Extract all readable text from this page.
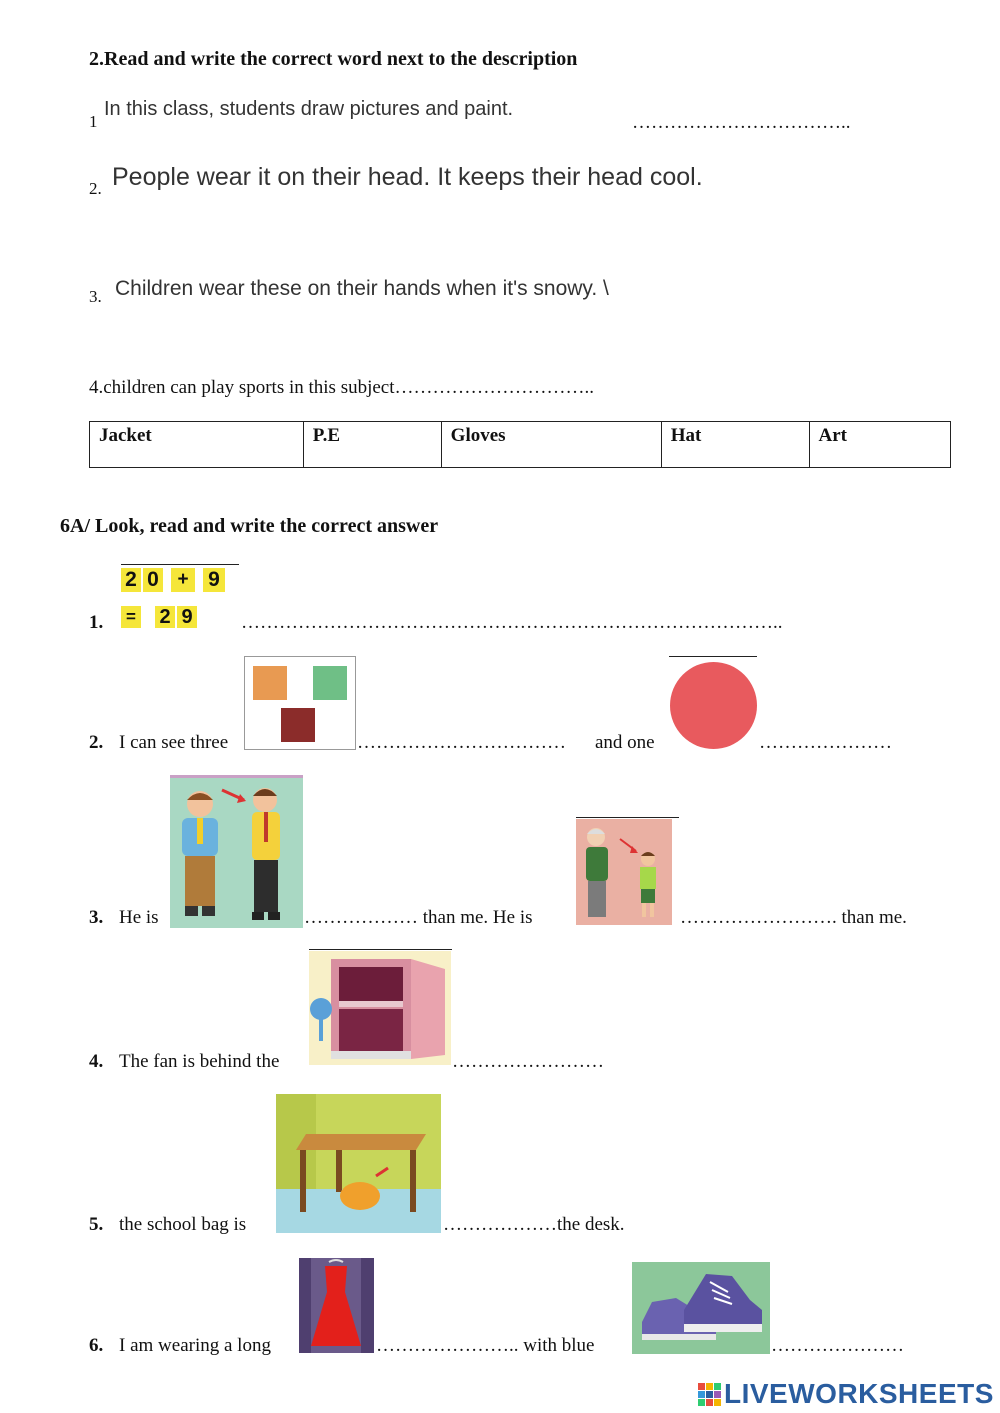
2.Read and write the correct word next to the description
1
In this class, students draw pictures and paint.
……………………………..
2. People wear it on their head. It keeps their head cool.
3. Children wear these on their hands when it's snowy. \
4.children can play sports in this subject…………………………..
Jacket	P.E	Gloves	Hat	Art
6A/ Look, read and write the correct answer
2 0 + 9
= 2 9
1.	…………………………………………………………………………..
2. I can see three	…………………………… and one	…………………
3. He is	……………… than me. He is	……………………. than me.
4. The fan is behind the	……………………
5. the school bag is	………………the desk.
6. I am wearing a long	………………….. with blue	…………………
LIVEWORKSHEETS
